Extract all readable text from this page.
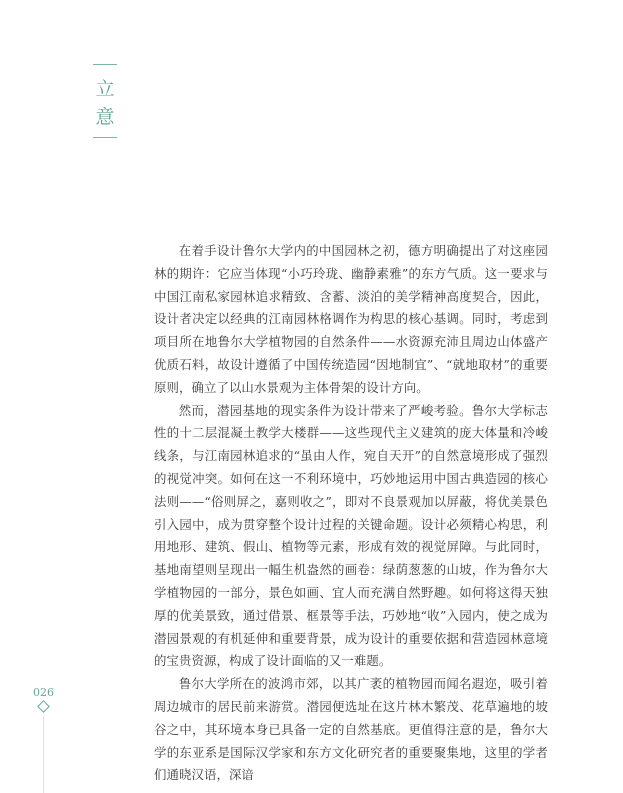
立
意

在着手设计鲁尔大学内的中国园林之初，德方明确提出了对这座园林的期许：它应当体现“小巧玲珑、幽静素雅”的东方气质。这一要求与中国江南私家园林追求精致、含蓄、淡泊的美学精神高度契合，因此，设计者决定以经典的江南园林格调作为构思的核心基调。同时，考虑到项目所在地鲁尔大学植物园的自然条件——水资源充沛且周边山体盛产优质石料，故设计遵循了中国传统造园“因地制宜”、“就地取材”的重要原则，确立了以山水景观为主体骨架的设计方向。

然而，潜园基地的现实条件为设计带来了严峻考验。鲁尔大学标志性的十二层混凝土教学大楼群——这些现代主义建筑的庞大体量和冷峻线条，与江南园林追求的“虽由人作，宛自天开”的自然意境形成了强烈的视觉冲突。如何在这一不利环境中，巧妙地运用中国古典造园的核心法则——“俗则屏之，嘉则收之”，即对不良景观加以屏蔽，将优美景色引入园中，成为贯穿整个设计过程的关键命题。设计必须精心构思，利用地形、建筑、假山、植物等元素，形成有效的视觉屏障。与此同时，基地南望则呈现出一幅生机盎然的画卷：绿荫葱葱的山坡，作为鲁尔大学植物园的一部分，景色如画、宜人而充满自然野趣。如何将这得天独厚的优美景致，通过借景、框景等手法，巧妙地“收”入园内，使之成为潜园景观的有机延伸和重要背景，成为设计的重要依据和营造园林意境的宝贵资源，构成了设计面临的又一难题。

鲁尔大学所在的波鸿市郊，以其广袤的植物园而闻名遐迩，吸引着周边城市的居民前来游赏。潜园便选址在这片林木繁茂、花草遍地的坡谷之中，其环境本身已具备一定的自然基底。更值得注意的是，鲁尔大学的东亚系是国际汉学家和东方文化研究者的重要聚集地，这里的学者们通晓汉语，深谙

026
